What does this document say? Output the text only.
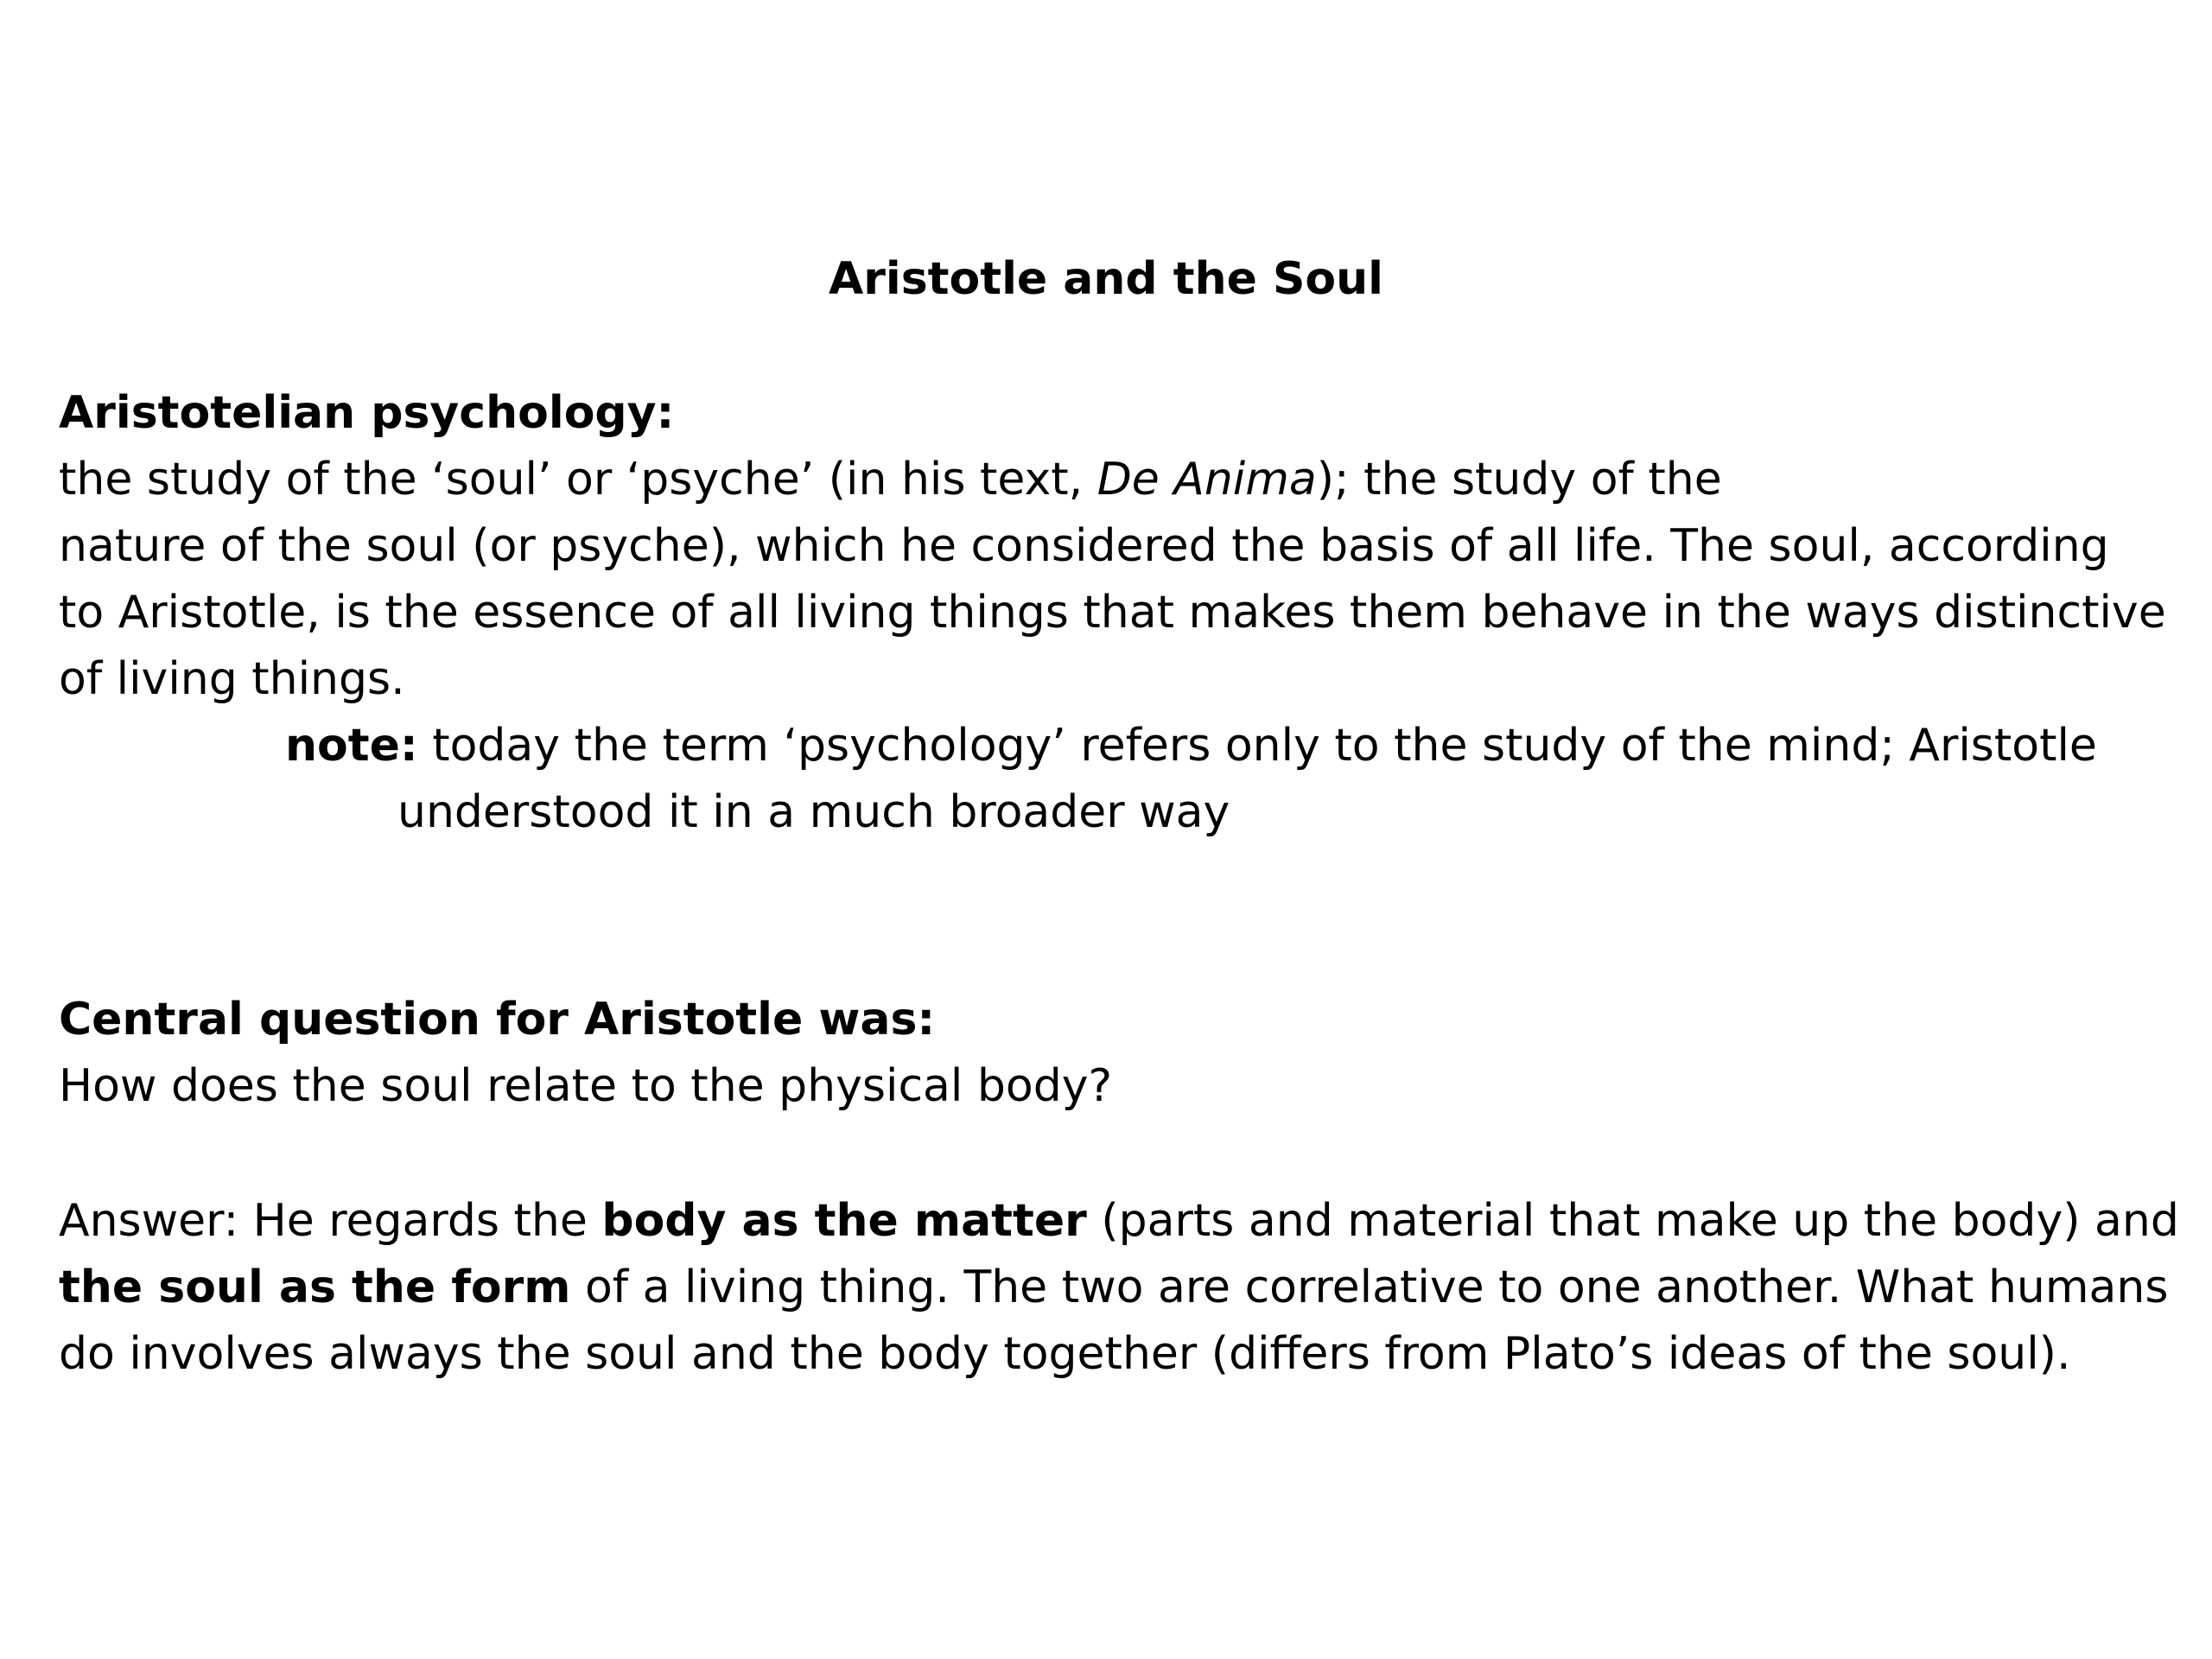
Aristotle and the Soul
Aristotelian psychology:
the study of the ‘soul’ or ‘psyche’ (in his text, De Anima); the study of the
nature of the soul (or psyche), which he considered the basis of all life. The soul, according
to Aristotle, is the essence of all living things that makes them behave in the ways distinctive
of living things.
note: today the term ‘psychology’ refers only to the study of the mind; Aristotle
understood it in a much broader way
Central question for Aristotle was:
How does the soul relate to the physical body?
Answer: He regards the body as the matter (parts and material that make up the body) and
the soul as the form of a living thing. The two are correlative to one another. What humans
do involves always the soul and the body together (differs from Plato’s ideas of the soul).
